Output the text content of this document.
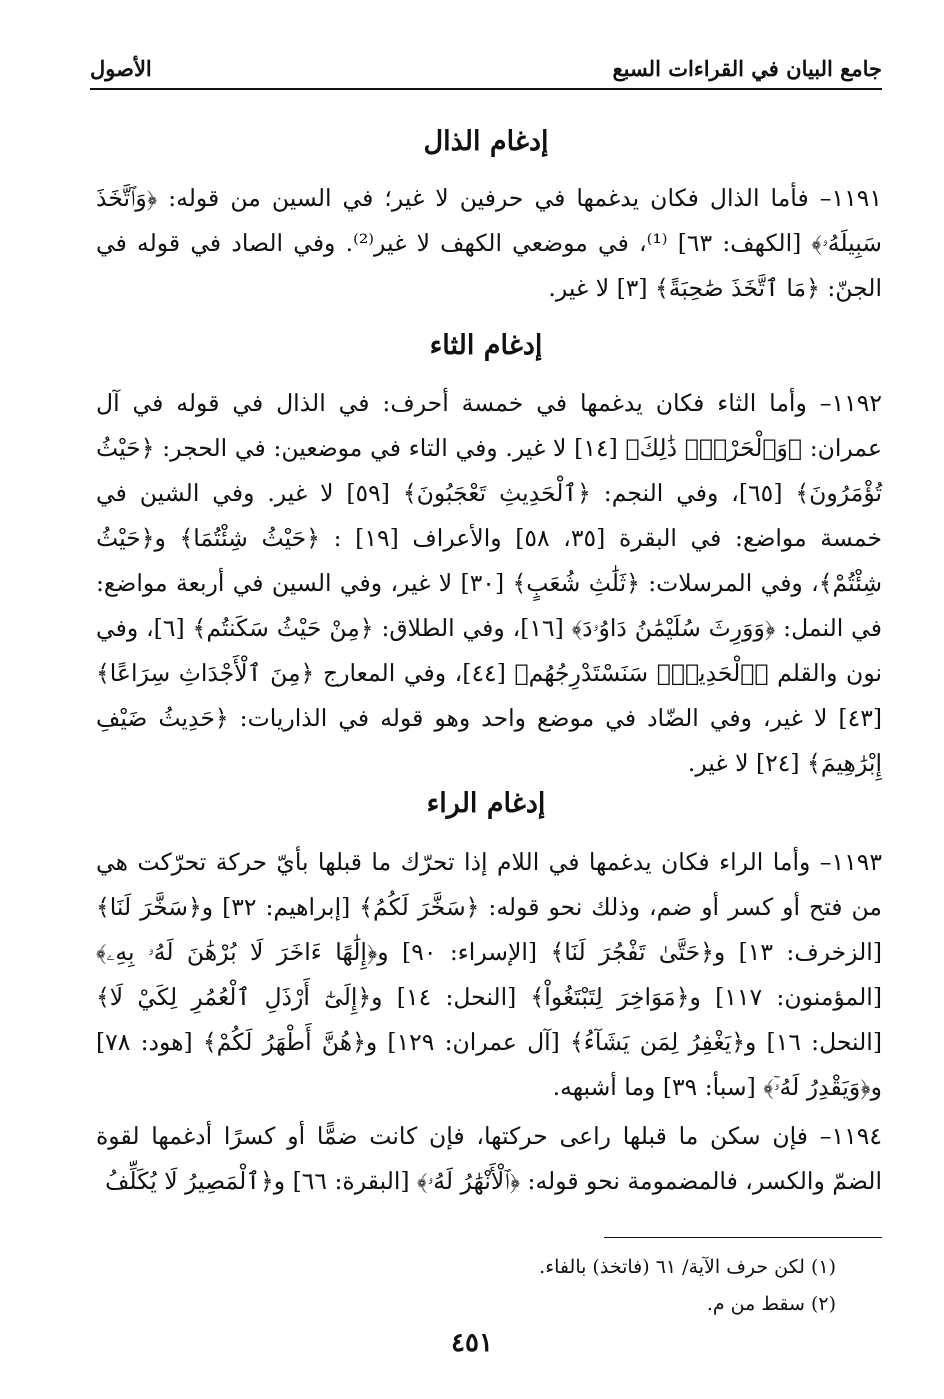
جامع البيان في القراءات السبع
الأصول
إدغام الذال
١١٩١– فأما الذال فكان يدغمها في حرفين لا غير؛ في السين من قوله: ﴿وَٱتَّخَذَ سَبِيلَهُۥ﴾ [الكهف: ٦٣] ⁽¹⁾، في موضعي الكهف لا غير⁽²⁾. وفي الصاد في قوله في الجنّ: ﴿مَا ٱتَّخَذَ صَٰحِبَةً﴾ [٣] لا غير.
إدغام الثاء
١١٩٢– وأما الثاء فكان يدغمها في خمسة أحرف: في الذال في قوله في آل عمران: ﴿وَٱلْحَرْثِۗ ذَٰلِكَ﴾ [١٤] لا غير. وفي التاء في موضعين: في الحجر: ﴿حَيْثُ تُؤْمَرُونَ﴾ [٦٥]، وفي النجم: ﴿ٱلْحَدِيثِ تَعْجَبُونَ﴾ [٥٩] لا غير. وفي الشين في خمسة مواضع: في البقرة [٣٥، ٥٨] والأعراف [١٩] : ﴿حَيْثُ شِئْتُمَا﴾ و﴿حَيْثُ شِئْتُمْ﴾، وفي المرسلات: ﴿ثَلَٰثِ شُعَبٍ﴾ [٣٠] لا غير، وفي السين في أربعة مواضع: في النمل: ﴿وَوَرِثَ سُلَيْمَٰنُ دَاوُۥدَ﴾ [١٦]، وفي الطلاق: ﴿مِنْ حَيْثُ سَكَنتُم﴾ [٦]، وفي نون والقلم ﴿ٱلْحَدِيثِۖ سَنَسْتَدْرِجُهُم﴾ [٤٤]، وفي المعارج ﴿مِنَ ٱلْأَجْدَاثِ سِرَاعًا﴾ [٤٣] لا غير، وفي الضّاد في موضع واحد وهو قوله في الذاريات: ﴿حَدِيثُ ضَيْفِ إِبْرَٰهِيمَ﴾ [٢٤] لا غير.
إدغام الراء
١١٩٣– وأما الراء فكان يدغمها في اللام إذا تحرّك ما قبلها بأيّ حركة تحرّكت هي من فتح أو كسر أو ضم، وذلك نحو قوله: ﴿سَخَّرَ لَكُمُ﴾ [إبراهيم: ٣٢] و﴿سَخَّرَ لَنَا﴾ [الزخرف: ١٣] و﴿حَتَّىٰ تَفْجُرَ لَنَا﴾ [الإسراء: ٩٠] و﴿إِلَٰهًا ءَاخَرَ لَا بُرْهَٰنَ لَهُۥ بِهِۦ﴾ [المؤمنون: ١١٧] و﴿مَوَاخِرَ لِتَبْتَغُواْ﴾ [النحل: ١٤] و﴿إِلَىٰٓ أَرْذَلِ ٱلْعُمُرِ لِكَيْ لَا﴾ [النحل: ١٦] و﴿يَغْفِرُ لِمَن يَشَآءُ﴾ [آل عمران: ١٢٩] و﴿هُنَّ أَطْهَرُ لَكُمْ﴾ [هود: ٧٨] و﴿وَيَقْدِرُ لَهُۥٓ﴾ [سبأ: ٣٩] وما أشبهه.
١١٩٤– فإن سكن ما قبلها راعى حركتها، فإن كانت ضمًّا أو كسرًا أدغمها لقوة الضمّ والكسر، فالمضمومة نحو قوله: ﴿ٱلْأَنْهَٰرُ لَهُۥ﴾ [البقرة: ٦٦] و﴿ٱلْمَصِيرُ لَا يُكَلِّفُ
(١) لكن حرف الآية/ ٦١ (فاتخذ) بالفاء.
(٢) سقط من م.
٤٥١
